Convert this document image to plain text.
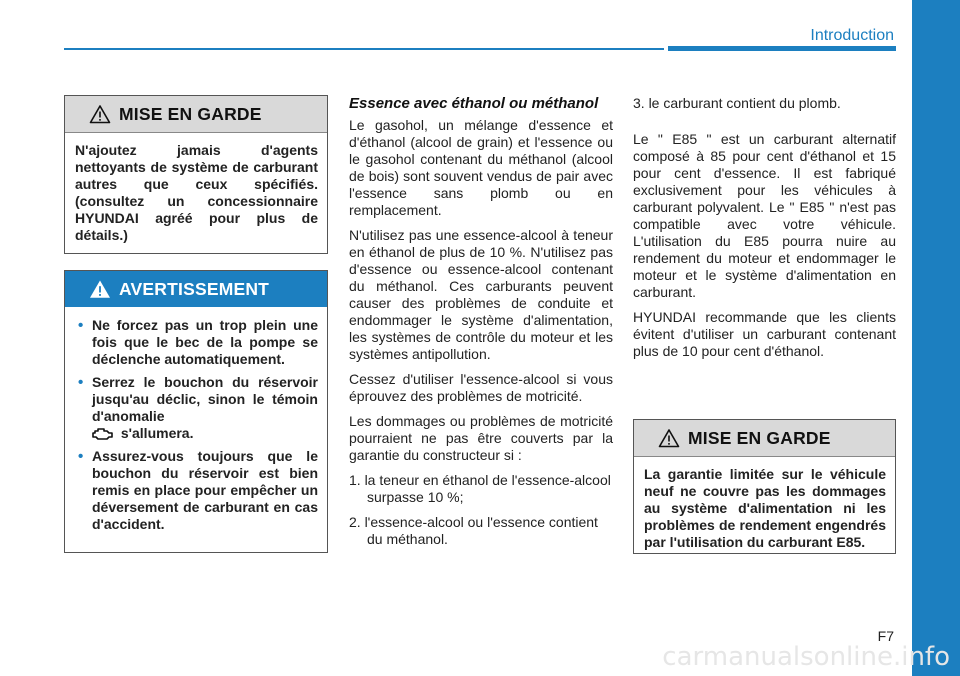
Introduction
MISE EN GARDE
N'ajoutez jamais d'agents nettoyants de système de carburant autres que ceux spécifiés. (consultez un concessionnaire HYUNDAI agréé pour plus de détails.)
AVERTISSEMENT
• Ne forcez pas un trop plein une fois que le bec de la pompe se déclenche automatiquement.
• Serrez le bouchon du réservoir jusqu'au déclic, sinon le témoin d'anomalie
s'allumera.
• Assurez-vous toujours que le bouchon du réservoir est bien remis en place pour empêcher un déversement de carburant en cas d'accident.
Essence avec éthanol ou méthanol

Le gasohol, un mélange d'essence et d'éthanol (alcool de grain) et l'essence ou le gasohol contenant du méthanol (alcool de bois) sont souvent vendus de pair avec l'essence sans plomb ou en remplacement.

N'utilisez pas une essence-alcool à teneur en éthanol de plus de 10 %. N'utilisez pas d'essence ou essence-alcool contenant du méthanol. Ces carburants peuvent causer des problèmes de conduite et endommager le système d'alimentation, les systèmes de contrôle du moteur et les systèmes antipollution.

Cessez d'utiliser l'essence-alcool si vous éprouvez des problèmes de motricité.

Les dommages ou problèmes de motricité pourraient ne pas être couverts par la garantie du constructeur si :

1. la teneur en éthanol de l'essence-alcool surpasse 10 %;
2. l'essence-alcool ou l'essence contient du méthanol.

3. le carburant contient du plomb.

Le " E85 " est un carburant alternatif composé à 85 pour cent d'éthanol et 15 pour cent d'essence. Il est fabriqué exclusivement pour les véhicules à carburant polyvalent. Le " E85 " n'est pas compatible avec votre véhicule. L'utilisation du E85 pourra nuire au rendement du moteur et endommager le moteur et le système d'alimentation en carburant.

HYUNDAI recommande que les clients évitent d'utiliser un carburant contenant plus de 10 pour cent d'éthanol.

MISE EN GARDE
La garantie limitée sur le véhicule neuf ne couvre pas les dommages au système d'alimentation ni les problèmes de rendement engendrés par l'utilisation du carburant E85.
F7
carmanualsonline.info
